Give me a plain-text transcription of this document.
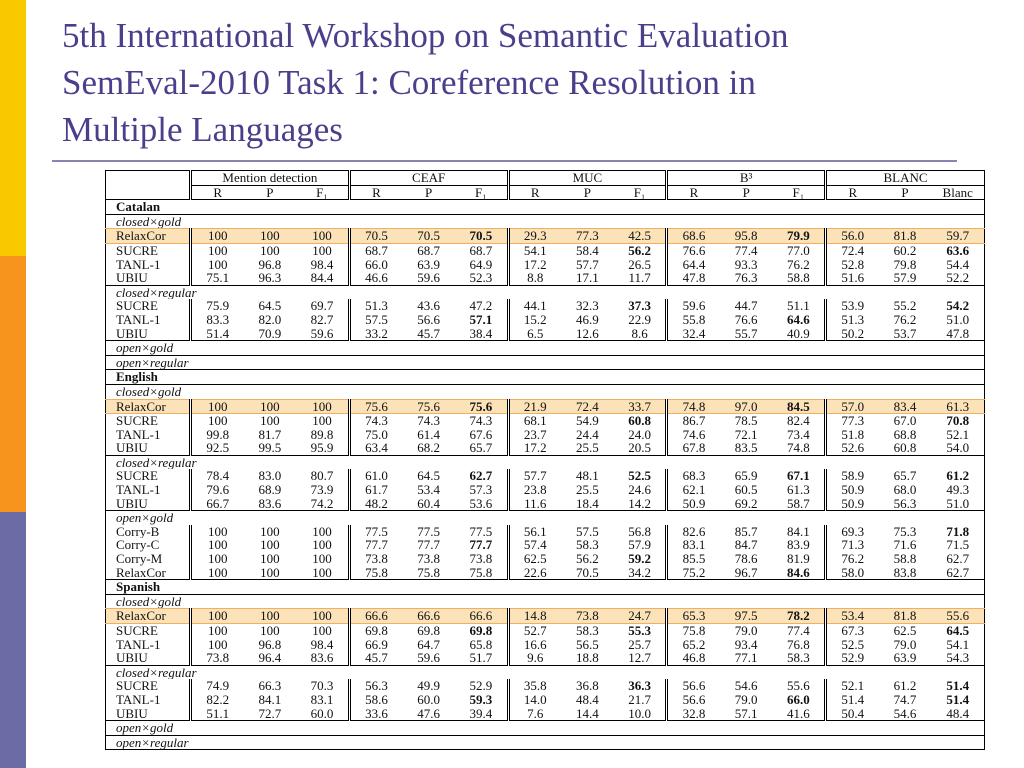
5th International Workshop on Semantic Evaluation
SemEval-2010 Task 1: Coreference Resolution in
Multiple Languages
	Mention detection			CEAF			MUC			B³			BLANC		
	R	P	F₁	R	P	F₁	R	P	F₁	R	P	F₁	R	P	Blanc
Catalan															
closed×gold															
RelaxCor	100	100	100	70.5	70.5	70.5	29.3	77.3	42.5	68.6	95.8	79.9	56.0	81.8	59.7
SUCRE	100	100	100	68.7	68.7	68.7	54.1	58.4	56.2	76.6	77.4	77.0	72.4	60.2	63.6
TANL-1	100	96.8	98.4	66.0	63.9	64.9	17.2	57.7	26.5	64.4	93.3	76.2	52.8	79.8	54.4
UBIU	75.1	96.3	84.4	46.6	59.6	52.3	8.8	17.1	11.7	47.8	76.3	58.8	51.6	57.9	52.2
closed×regular															
SUCRE	75.9	64.5	69.7	51.3	43.6	47.2	44.1	32.3	37.3	59.6	44.7	51.1	53.9	55.2	54.2
TANL-1	83.3	82.0	82.7	57.5	56.6	57.1	15.2	46.9	22.9	55.8	76.6	64.6	51.3	76.2	51.0
UBIU	51.4	70.9	59.6	33.2	45.7	38.4	6.5	12.6	8.6	32.4	55.7	40.9	50.2	53.7	47.8
open×gold															
open×regular															
English															
closed×gold															
RelaxCor	100	100	100	75.6	75.6	75.6	21.9	72.4	33.7	74.8	97.0	84.5	57.0	83.4	61.3
SUCRE	100	100	100	74.3	74.3	74.3	68.1	54.9	60.8	86.7	78.5	82.4	77.3	67.0	70.8
TANL-1	99.8	81.7	89.8	75.0	61.4	67.6	23.7	24.4	24.0	74.6	72.1	73.4	51.8	68.8	52.1
UBIU	92.5	99.5	95.9	63.4	68.2	65.7	17.2	25.5	20.5	67.8	83.5	74.8	52.6	60.8	54.0
closed×regular															
SUCRE	78.4	83.0	80.7	61.0	64.5	62.7	57.7	48.1	52.5	68.3	65.9	67.1	58.9	65.7	61.2
TANL-1	79.6	68.9	73.9	61.7	53.4	57.3	23.8	25.5	24.6	62.1	60.5	61.3	50.9	68.0	49.3
UBIU	66.7	83.6	74.2	48.2	60.4	53.6	11.6	18.4	14.2	50.9	69.2	58.7	50.9	56.3	51.0
open×gold															
Corry-B	100	100	100	77.5	77.5	77.5	56.1	57.5	56.8	82.6	85.7	84.1	69.3	75.3	71.8
Corry-C	100	100	100	77.7	77.7	77.7	57.4	58.3	57.9	83.1	84.7	83.9	71.3	71.6	71.5
Corry-M	100	100	100	73.8	73.8	73.8	62.5	56.2	59.2	85.5	78.6	81.9	76.2	58.8	62.7
RelaxCor	100	100	100	75.8	75.8	75.8	22.6	70.5	34.2	75.2	96.7	84.6	58.0	83.8	62.7
Spanish															
closed×gold															
RelaxCor	100	100	100	66.6	66.6	66.6	14.8	73.8	24.7	65.3	97.5	78.2	53.4	81.8	55.6
SUCRE	100	100	100	69.8	69.8	69.8	52.7	58.3	55.3	75.8	79.0	77.4	67.3	62.5	64.5
TANL-1	100	96.8	98.4	66.9	64.7	65.8	16.6	56.5	25.7	65.2	93.4	76.8	52.5	79.0	54.1
UBIU	73.8	96.4	83.6	45.7	59.6	51.7	9.6	18.8	12.7	46.8	77.1	58.3	52.9	63.9	54.3
closed×regular															
SUCRE	74.9	66.3	70.3	56.3	49.9	52.9	35.8	36.8	36.3	56.6	54.6	55.6	52.1	61.2	51.4
TANL-1	82.2	84.1	83.1	58.6	60.0	59.3	14.0	48.4	21.7	56.6	79.0	66.0	51.4	74.7	51.4
UBIU	51.1	72.7	60.0	33.6	47.6	39.4	7.6	14.4	10.0	32.8	57.1	41.6	50.4	54.6	48.4
open×gold															
open×regular															
